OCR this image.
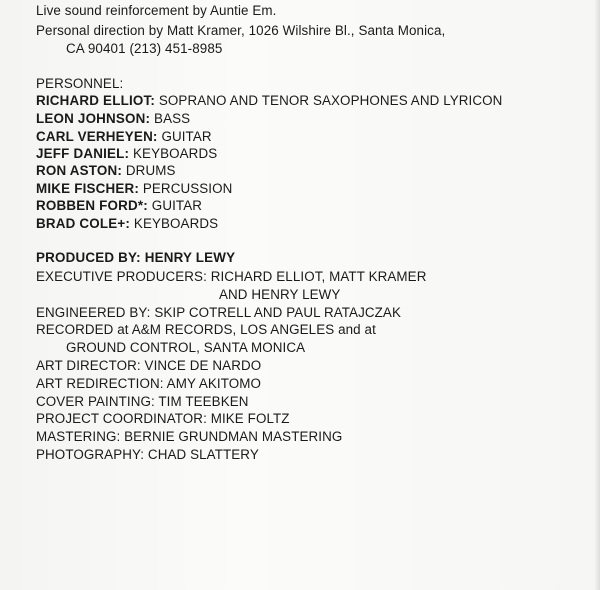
Live sound reinforcement by Auntie Em.
Personal direction by Matt Kramer, 1026 Wilshire Bl., Santa Monica,
CA 90401 (213) 451-8985
PERSONNEL:
RICHARD ELLIOT: SOPRANO AND TENOR SAXOPHONES AND LYRICON
LEON JOHNSON: BASS
CARL VERHEYEN: GUITAR
JEFF DANIEL: KEYBOARDS
RON ASTON: DRUMS
MIKE FISCHER: PERCUSSION
ROBBEN FORD*: GUITAR
BRAD COLE+: KEYBOARDS
PRODUCED BY: HENRY LEWY
EXECUTIVE PRODUCERS: RICHARD ELLIOT, MATT KRAMER
AND HENRY LEWY
ENGINEERED BY: SKIP COTRELL AND PAUL RATAJCZAK
RECORDED at A&M RECORDS, LOS ANGELES and at
GROUND CONTROL, SANTA MONICA
ART DIRECTOR: VINCE DE NARDO
ART REDIRECTION: AMY AKITOMO
COVER PAINTING: TIM TEEBKEN
PROJECT COORDINATOR: MIKE FOLTZ
MASTERING: BERNIE GRUNDMAN MASTERING
PHOTOGRAPHY: CHAD SLATTERY
